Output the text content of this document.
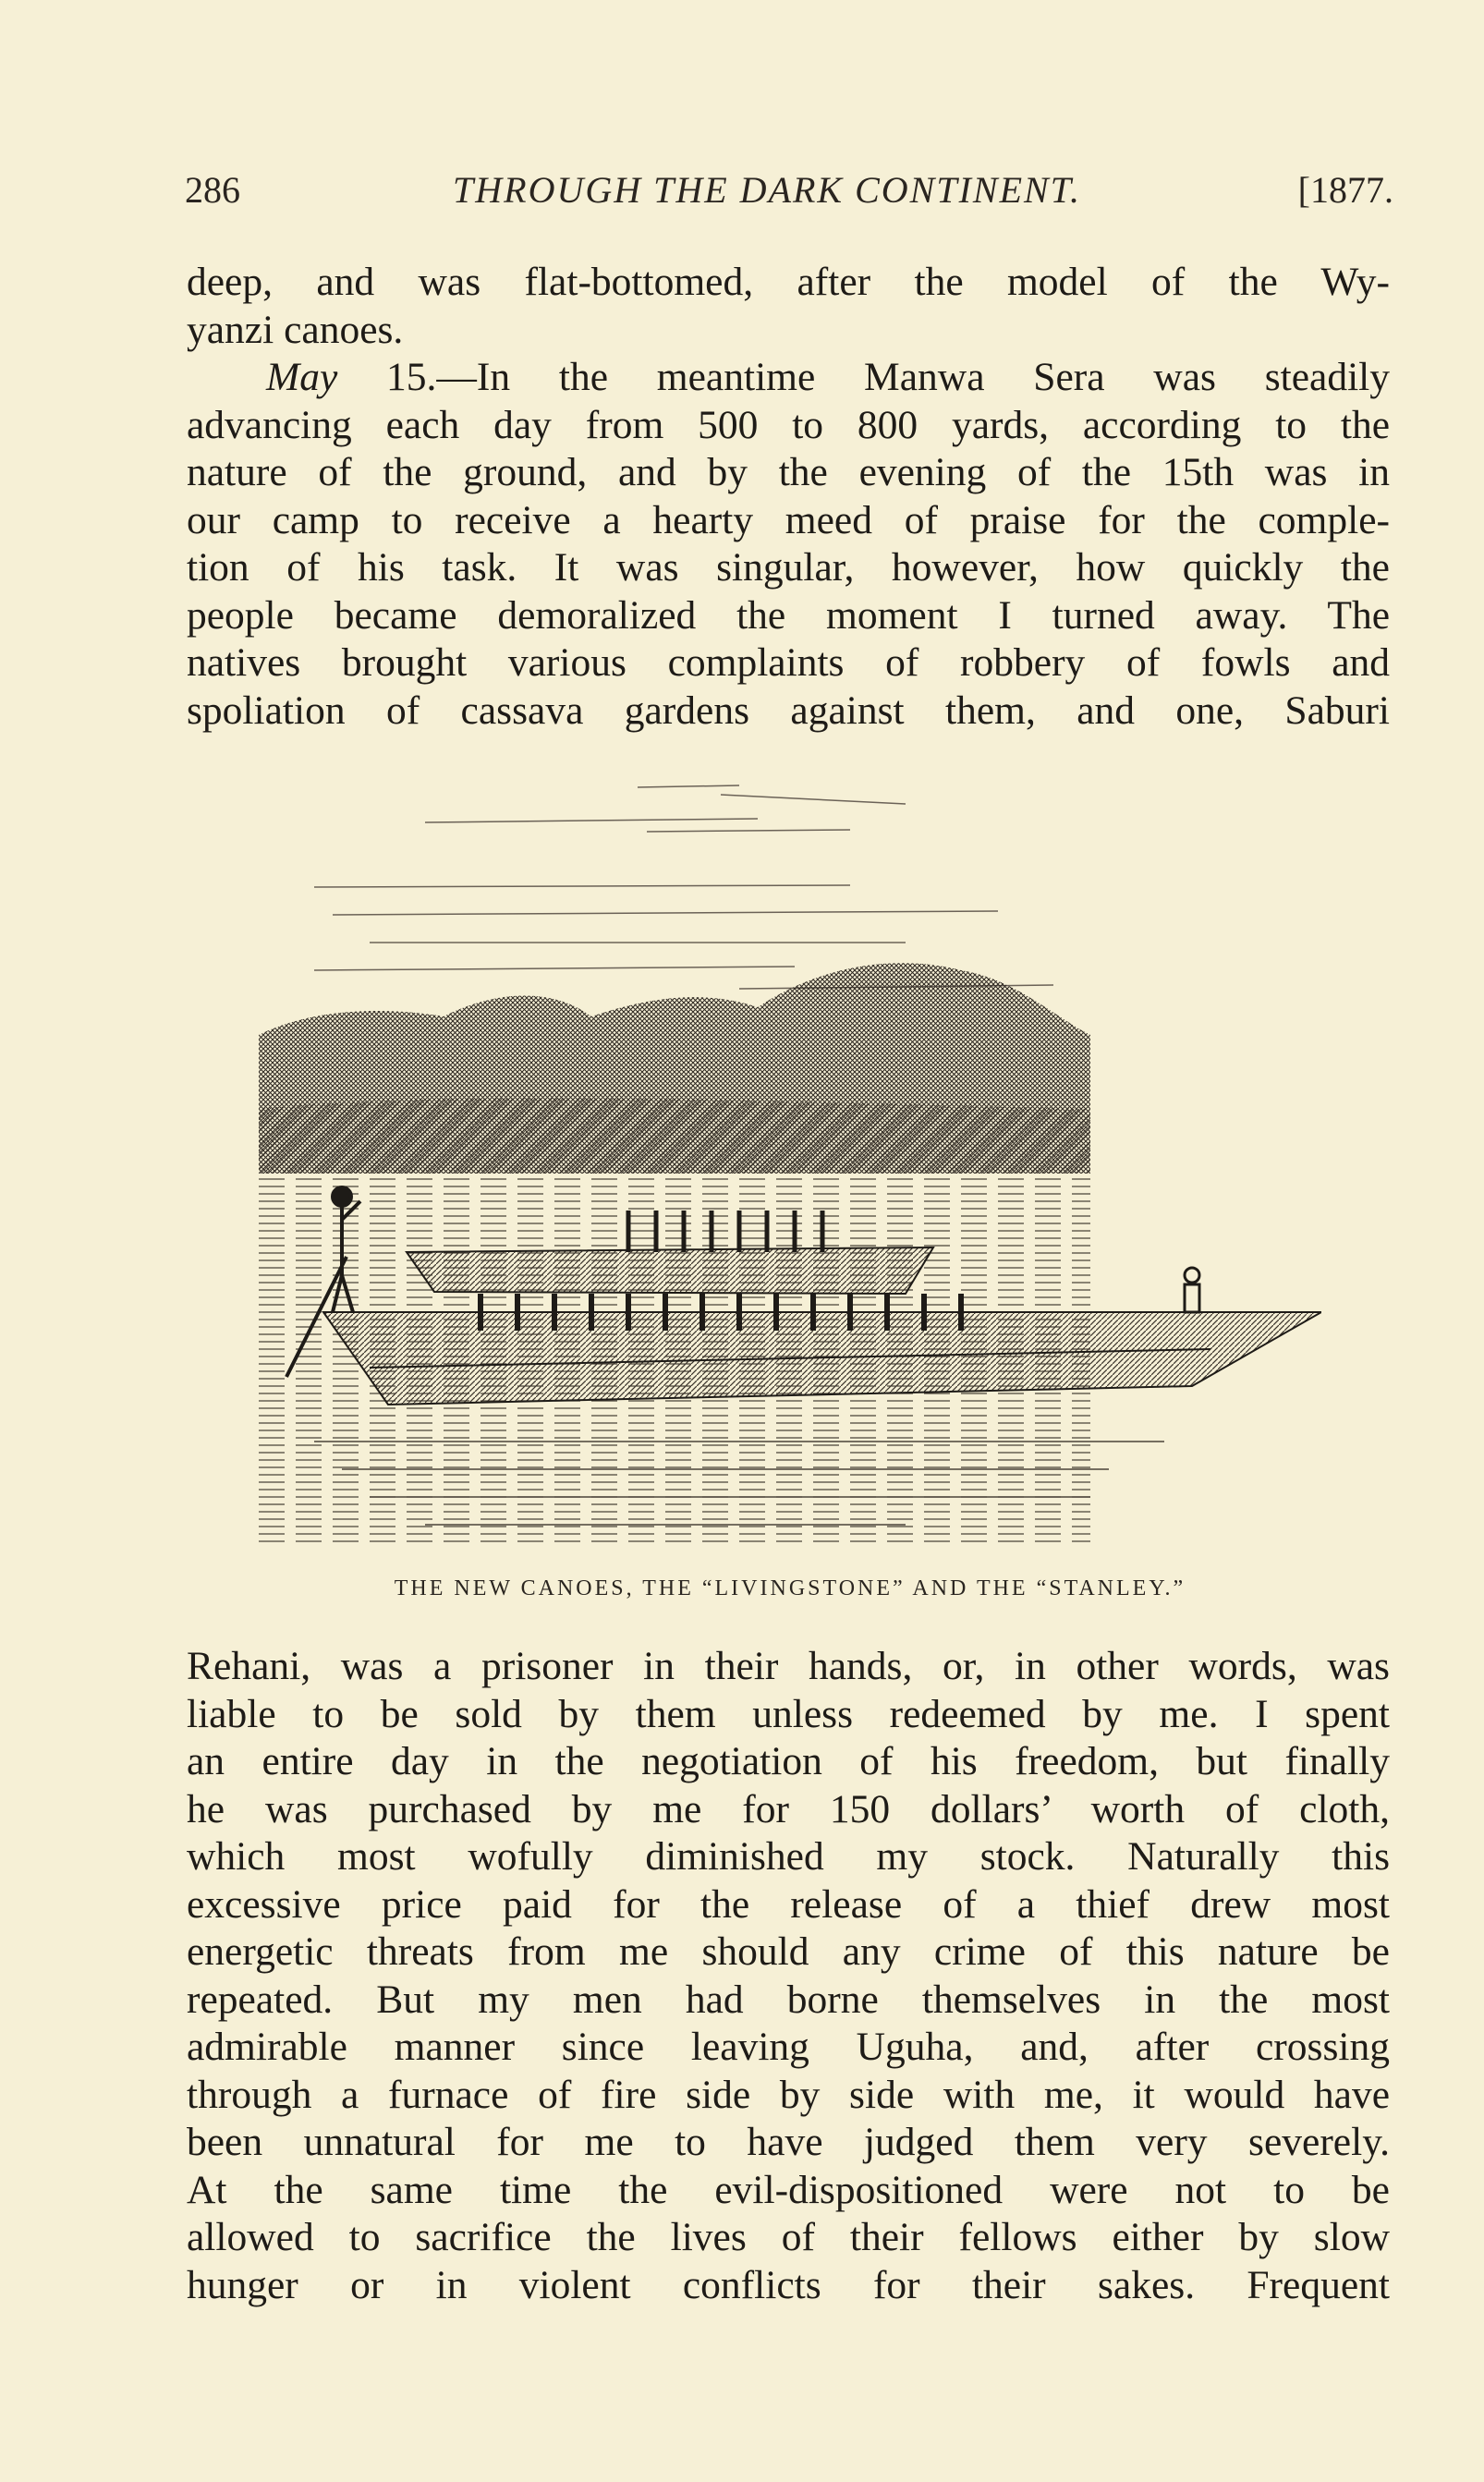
286	THROUGH THE DARK CONTINENT.	[1877.
deep, and was flat-bottomed, after the model of the Wy-
yanzi canoes.
May 15.—In the meantime Manwa Sera was steadily
advancing each day from 500 to 800 yards, according to the
nature of the ground, and by the evening of the 15th was in
our camp to receive a hearty meed of praise for the comple-
tion of his task. It was singular, however, how quickly the
people became demoralized the moment I turned away. The
natives brought various complaints of robbery of fowls and
spoliation of cassava gardens against them, and one, Saburi
THE NEW CANOES, THE “LIVINGSTONE” AND THE “STANLEY.”
Rehani, was a prisoner in their hands, or, in other words, was
liable to be sold by them unless redeemed by me. I spent
an entire day in the negotiation of his freedom, but finally
he was purchased by me for 150 dollars’ worth of cloth,
which most wofully diminished my stock. Naturally this
excessive price paid for the release of a thief drew most
energetic threats from me should any crime of this nature be
repeated. But my men had borne themselves in the most
admirable manner since leaving Uguha, and, after crossing
through a furnace of fire side by side with me, it would have
been unnatural for me to have judged them very severely.
At the same time the evil-dispositioned were not to be
allowed to sacrifice the lives of their fellows either by slow
hunger or in violent conflicts for their sakes. Frequent
